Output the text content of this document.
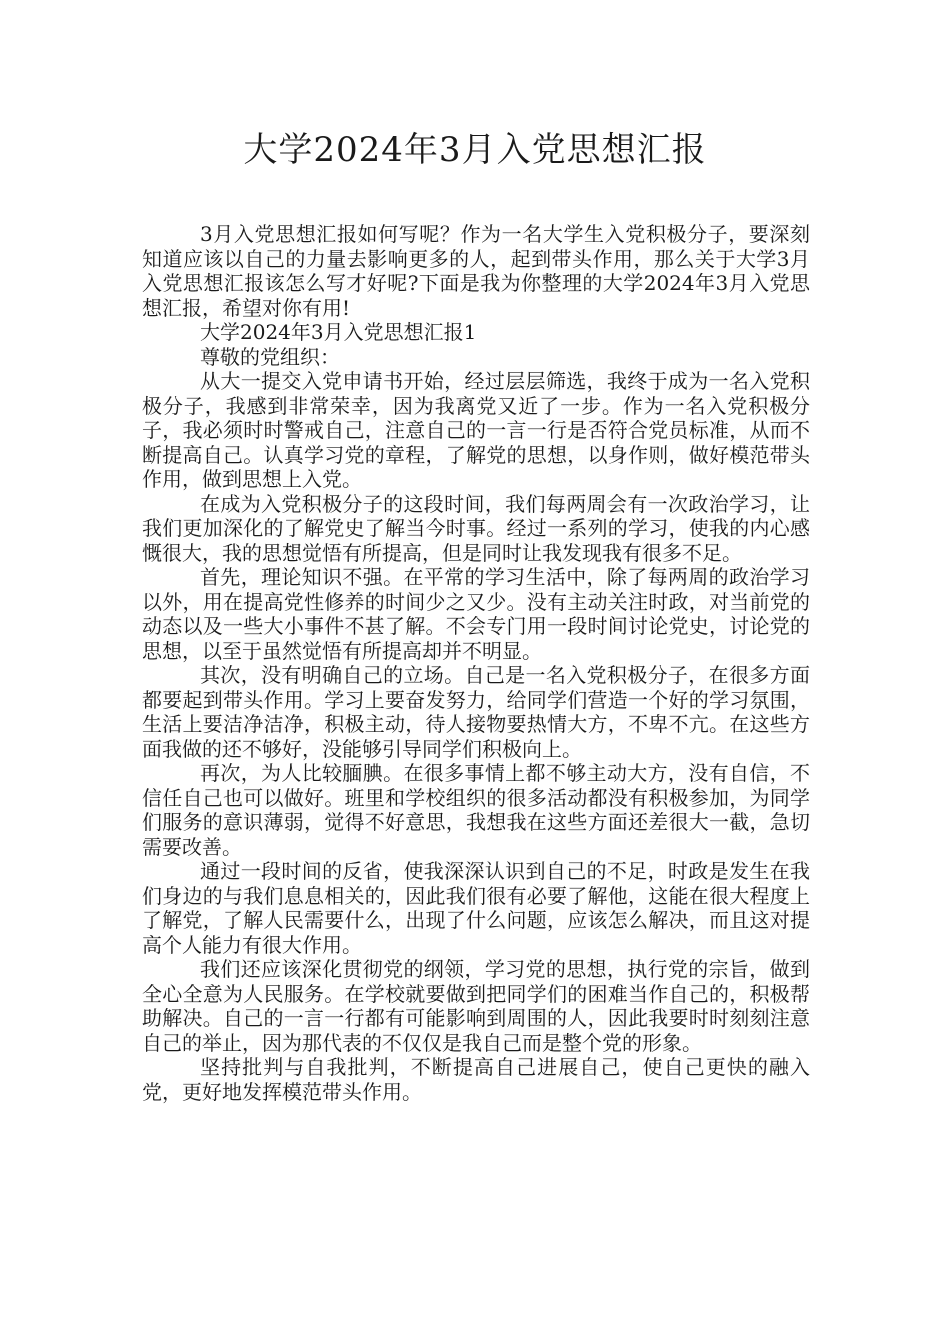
大学2024年3月入党思想汇报

3月入党思想汇报如何写呢？作为一名大学生入党积极分子，要深刻知道应该以自己的力量去影响更多的人，起到带头作用，那么关于大学3月入党思想汇报该怎么写才好呢?下面是我为你整理的大学2024年3月入党思想汇报，希望对你有用!

大学2024年3月入党思想汇报1

尊敬的党组织：

从大一提交入党申请书开始，经过层层筛选，我终于成为一名入党积极分子，我感到非常荣幸，因为我离党又近了一步。作为一名入党积极分子，我必须时时警戒自己，注意自己的一言一行是否符合党员标准，从而不断提高自己。认真学习党的章程，了解党的思想，以身作则，做好模范带头作用，做到思想上入党。

在成为入党积极分子的这段时间，我们每两周会有一次政治学习，让我们更加深化的了解党史了解当今时事。经过一系列的学习，使我的内心感慨很大，我的思想觉悟有所提高，但是同时让我发现我有很多不足。

首先，理论知识不强。在平常的学习生活中，除了每两周的政治学习以外，用在提高党性修养的时间少之又少。没有主动关注时政，对当前党的动态以及一些大小事件不甚了解。不会专门用一段时间讨论党史，讨论党的思想，以至于虽然觉悟有所提高却并不明显。

其次，没有明确自己的立场。自己是一名入党积极分子，在很多方面都要起到带头作用。学习上要奋发努力，给同学们营造一个好的学习氛围，生活上要洁净洁净，积极主动，待人接物要热情大方，不卑不亢。在这些方面我做的还不够好，没能够引导同学们积极向上。

再次，为人比较腼腆。在很多事情上都不够主动大方，没有自信，不信任自己也可以做好。班里和学校组织的很多活动都没有积极参加，为同学们服务的意识薄弱，觉得不好意思，我想我在这些方面还差很大一截，急切需要改善。

通过一段时间的反省，使我深深认识到自己的不足，时政是发生在我们身边的与我们息息相关的，因此我们很有必要了解他，这能在很大程度上了解党，了解人民需要什么，出现了什么问题，应该怎么解决，而且这对提高个人能力有很大作用。

我们还应该深化贯彻党的纲领，学习党的思想，执行党的宗旨，做到全心全意为人民服务。在学校就要做到把同学们的困难当作自己的，积极帮助解决。自己的一言一行都有可能影响到周围的人，因此我要时时刻刻注意自己的举止，因为那代表的不仅仅是我自己而是整个党的形象。

坚持批判与自我批判，不断提高自己进展自己，使自己更快的融入党，更好地发挥模范带头作用。
